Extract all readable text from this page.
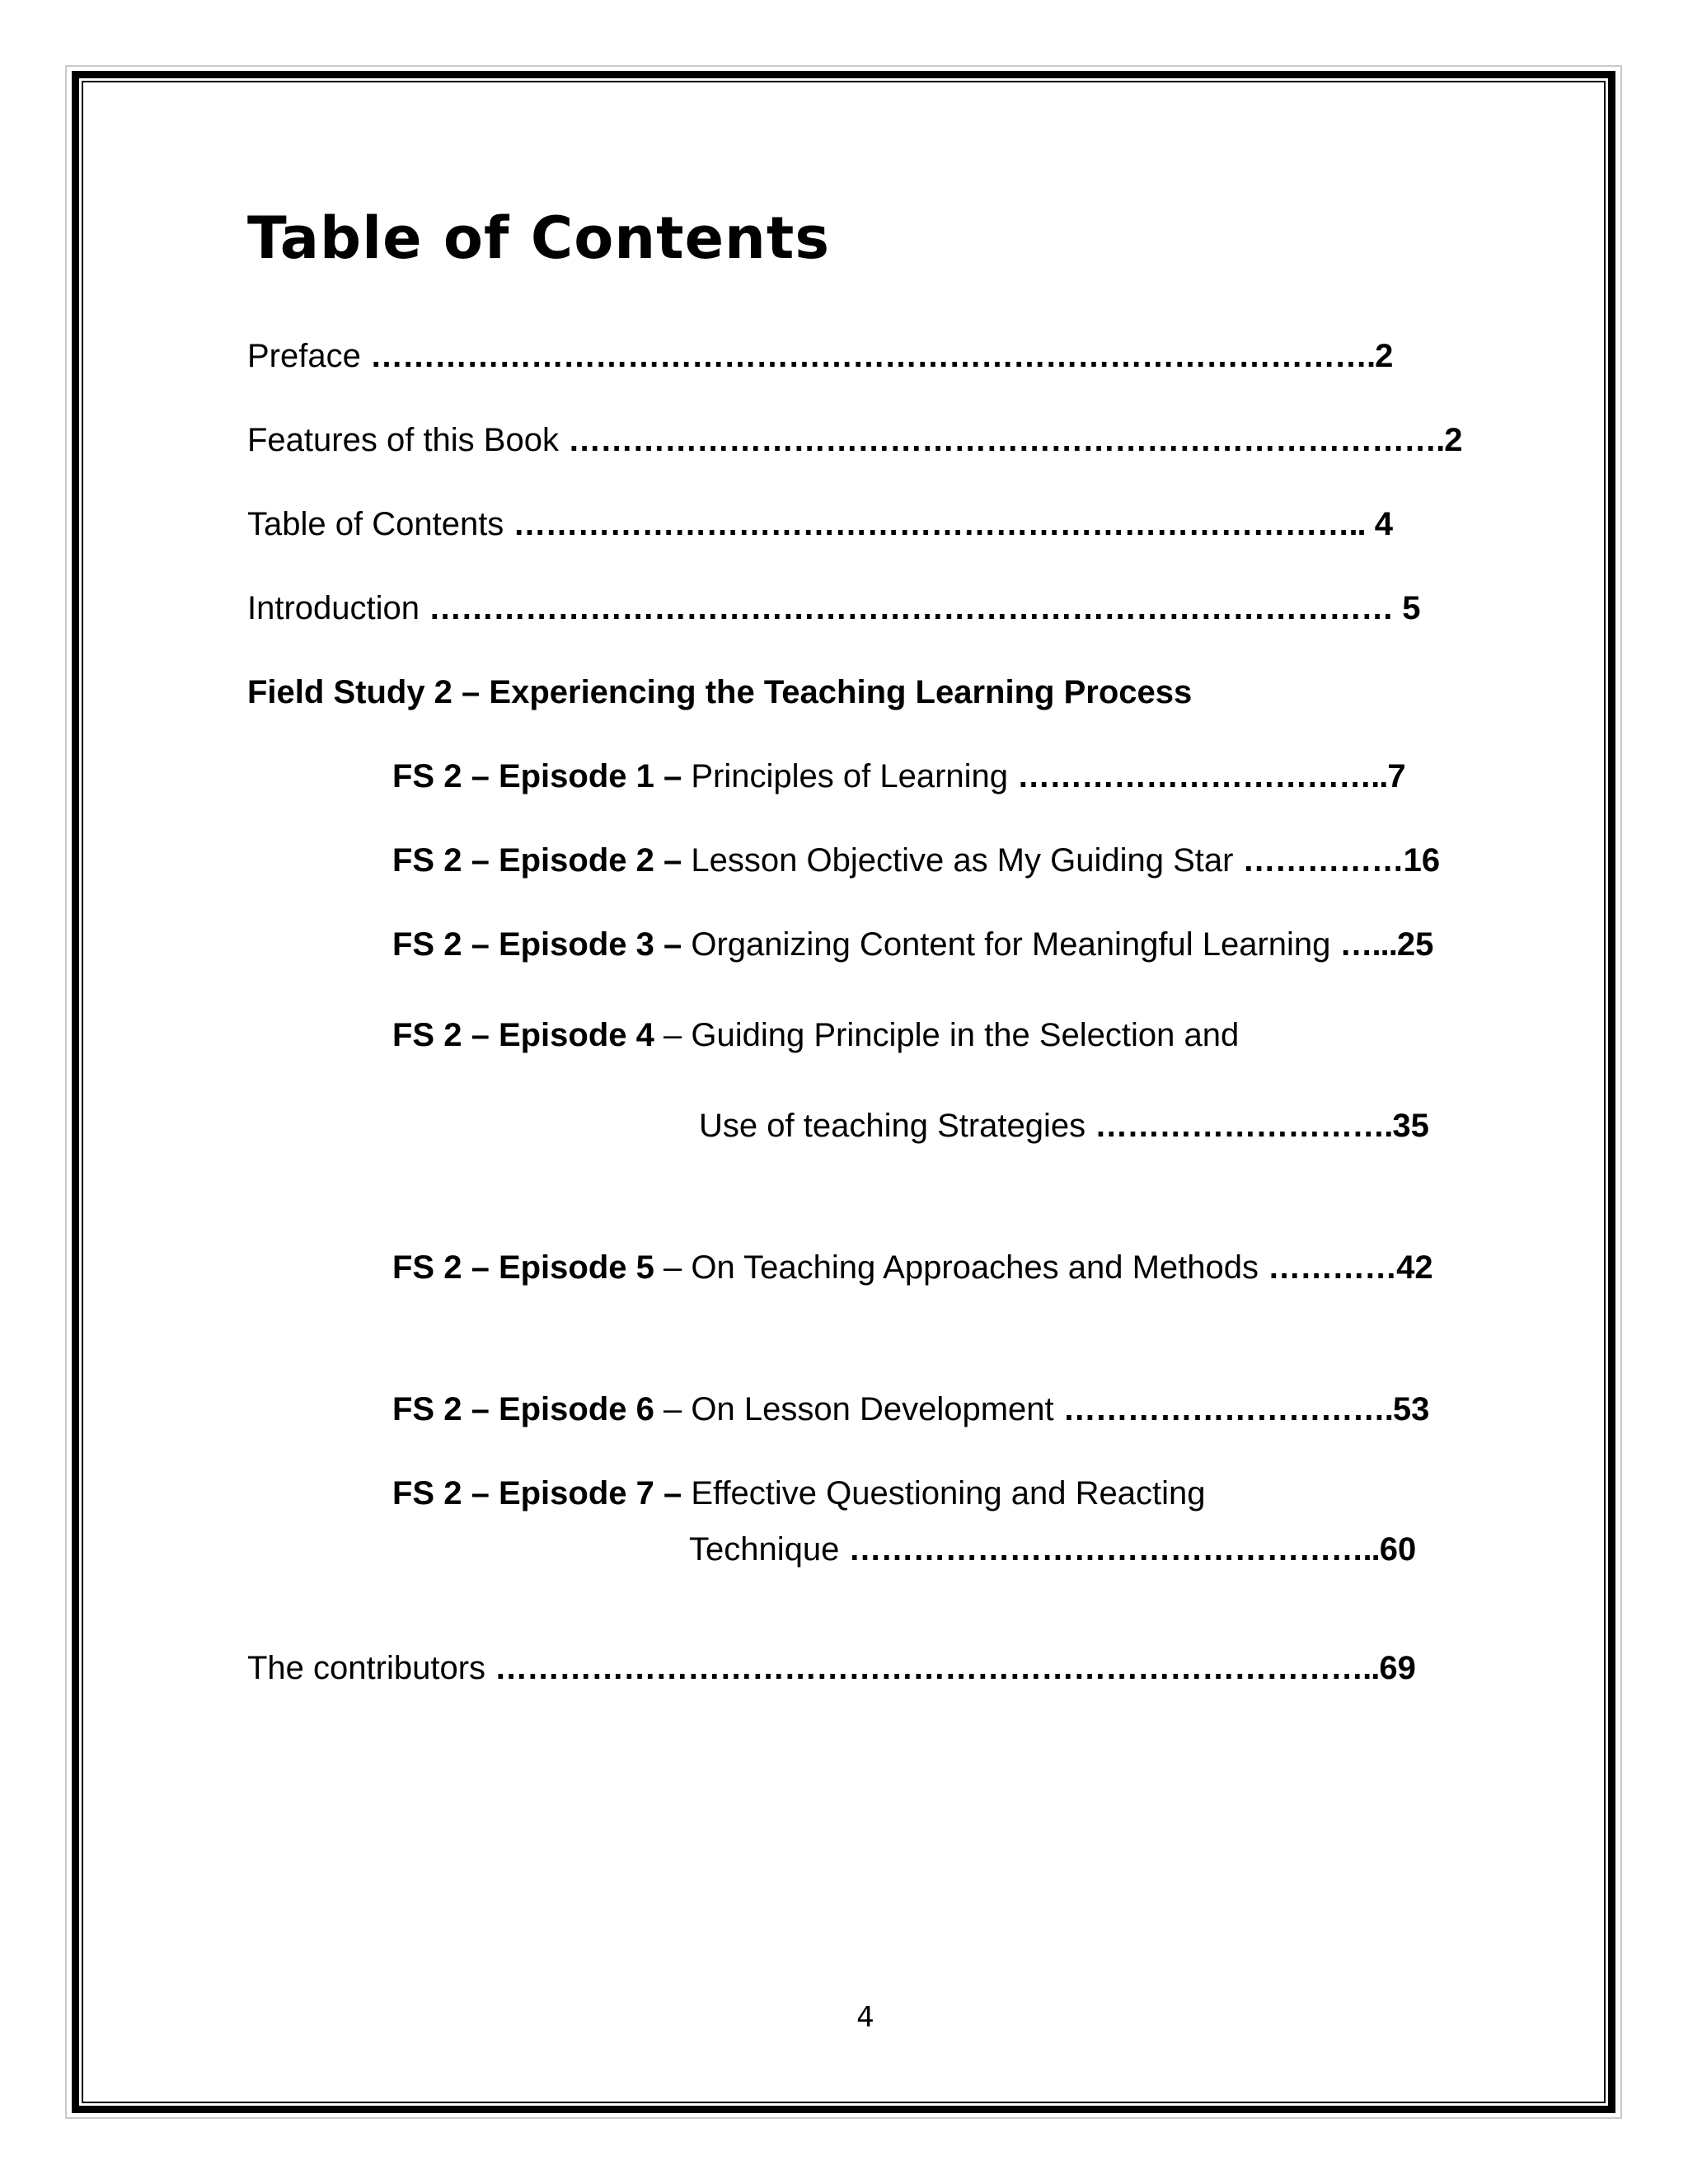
Table of Contents
Preface ………………………………………………………………………………….2
Features of this Book ……………………………………………………………………….2
Table of Contents …………………………………………………………………….. 4
Introduction ……………………………………………………………………………… 5
Field Study 2 – Experiencing the Teaching Learning Process
FS 2 – Episode 1 – Principles of Learning ……………………………..7
FS 2 – Episode 2 – Lesson Objective as My Guiding Star ……………16
FS 2 – Episode 3 – Organizing Content for Meaningful Learning …...25
FS 2 – Episode 4 – Guiding Principle in the Selection and
Use of teaching Strategies ……………………….35
FS 2 – Episode 5 – On Teaching Approaches and Methods …………42
FS 2 – Episode 6 – On Lesson Development ………………………….53
FS 2 – Episode 7 – Effective Questioning and Reacting
Technique …………………………………………..60
The contributors ………………………………………………………………………..69
4
